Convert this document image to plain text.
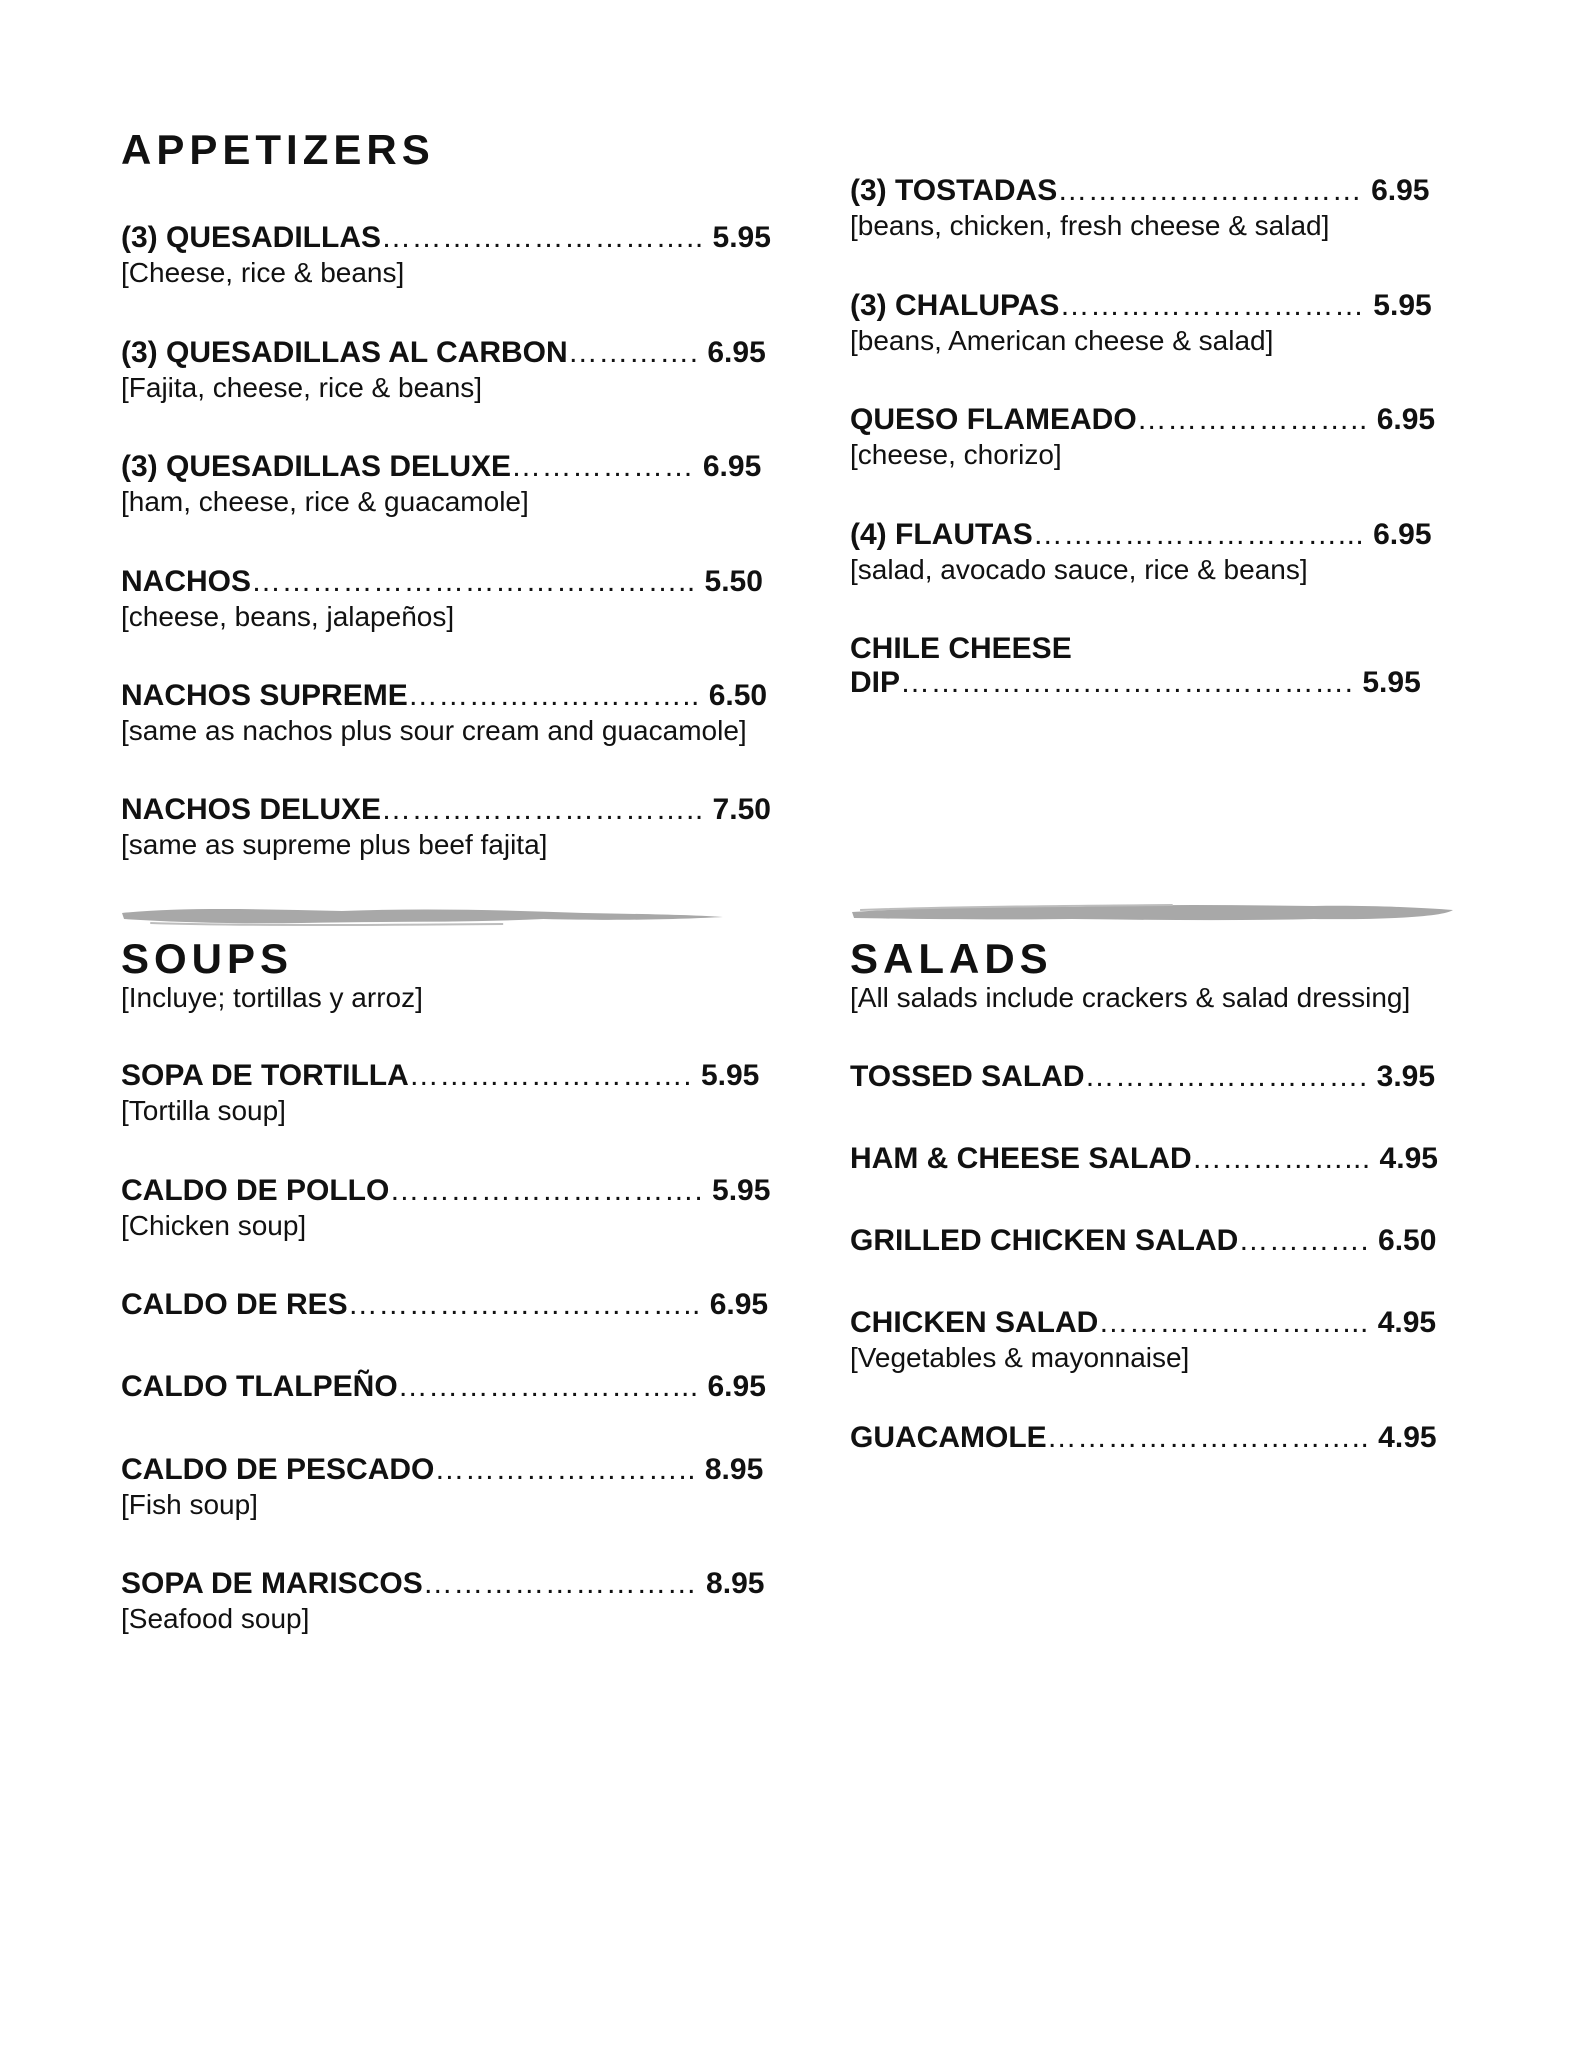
APPETIZERS
(3) QUESADILLAS………………………….. 5.95
[Cheese, rice & beans]
(3) QUESADILLAS AL CARBON…………. 6.95
[Fajita, cheese, rice & beans]
(3) QUESADILLAS DELUXE……………… 6.95
[ham, cheese, rice & guacamole]
NACHOS…………………………………….. 5.50
[cheese, beans, jalapeños]
NACHOS SUPREME……………………….. 6.50
[same as nachos plus sour cream and guacamole]
NACHOS DELUXE………………………….. 7.50
[same as supreme plus beef fajita]
(3) TOSTADAS………………………… 6.95
[beans, chicken, fresh cheese & salad]
(3) CHALUPAS………………………… 5.95
[beans, American cheese & salad]
QUESO FLAMEADO………………….. 6.95
[cheese, chorizo]
(4) FLAUTAS…………………………... 6.95
[salad, avocado sauce, rice & beans]
CHILE CHEESE
DIP……………….………….…………. 5.95
SOUPS

[Incluye; tortillas y arroz]

SOPA DE TORTILLA………………………. 5.95
[Tortilla soup]
CALDO DE POLLO…………………………. 5.95
[Chicken soup]
CALDO DE RES…………………………….. 6.95
CALDO TLALPEÑO………………………... 6.95
CALDO DE PESCADO…………………….. 8.95
[Fish soup]
SOPA DE MARISCOS……………………… 8.95
[Seafood soup]
SALADS

[All salads include crackers & salad dressing]

TOSSED SALAD………………………. 3.95
HAM & CHEESE SALAD……………... 4.95
GRILLED CHICKEN SALAD…………. 6.50
CHICKEN SALAD……………………... 4.95
[Vegetables & mayonnaise]
GUACAMOLE………………………….. 4.95
